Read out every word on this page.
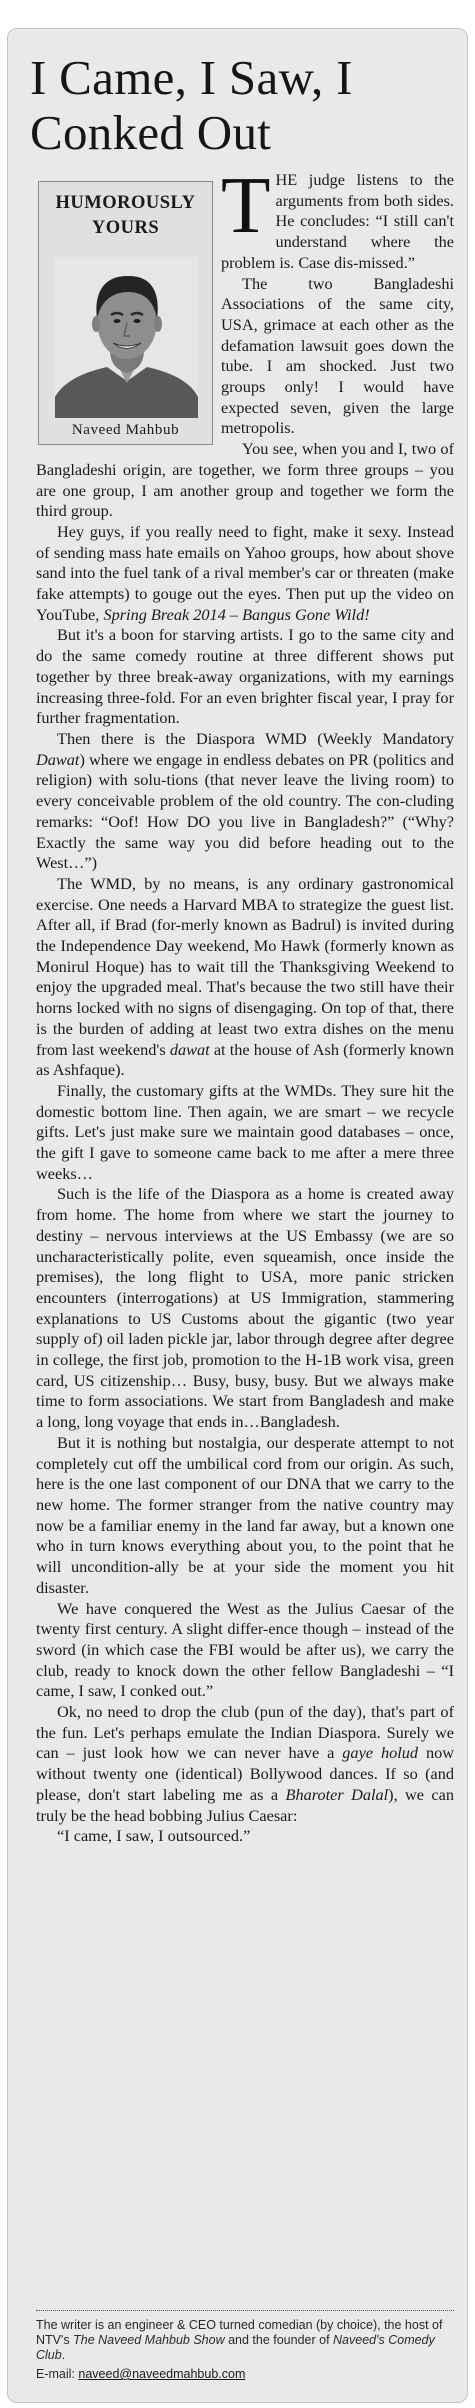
I Came, I Saw, I Conked Out

THE judge listens to the arguments from both sides. He concludes: “I still can't understand where the problem is. Case dis-missed.”

The two Bangladeshi Associations of the same city, USA, grimace at each other as the defamation lawsuit goes down the tube. I am shocked. Just two groups only! I would have expected seven, given the large metropolis.

You see, when you and I, two of Bangladeshi origin, are together, we form three groups – you are one group, I am another group and together we form the third group.

Hey guys, if you really need to fight, make it sexy. Instead of sending mass hate emails on Yahoo groups, how about shove sand into the fuel tank of a rival member's car or threaten (make fake attempts) to gouge out the eyes. Then put up the video on YouTube, Spring Break 2014 – Bangus Gone Wild!

But it's a boon for starving artists. I go to the same city and do the same comedy routine at three different shows put together by three break-away organizations, with my earnings increasing three-fold. For an even brighter fiscal year, I pray for further fragmentation.

Then there is the Diaspora WMD (Weekly Mandatory Dawat) where we engage in endless debates on PR (politics and religion) with solu-tions (that never leave the living room) to every conceivable problem of the old country. The con-cluding remarks: “Oof! How DO you live in Bangladesh?” (“Why? Exactly the same way you did before heading out to the West…”)

The WMD, by no means, is any ordinary gastronomical exercise. One needs a Harvard MBA to strategize the guest list. After all, if Brad (for-merly known as Badrul) is invited during the Independence Day weekend, Mo Hawk (formerly known as Monirul Hoque) has to wait till the Thanksgiving Weekend to enjoy the upgraded meal. That's because the two still have their horns locked with no signs of disengaging. On top of that, there is the burden of adding at least two extra dishes on the menu from last weekend's dawat at the house of Ash (formerly known as Ashfaque).

Finally, the customary gifts at the WMDs. They sure hit the domestic bottom line. Then again, we are smart – we recycle gifts. Let's just make sure we maintain good databases – once, the gift I gave to someone came back to me after a mere three weeks…

Such is the life of the Diaspora as a home is created away from home. The home from where we start the journey to destiny – nervous interviews at the US Embassy (we are so uncharacteristically polite, even squeamish, once inside the premises), the long flight to USA, more panic stricken encounters (interrogations) at US Immigration, stammering explanations to US Customs about the gigantic (two year supply of) oil laden pickle jar, labor through degree after degree in college, the first job, promotion to the H-1B work visa, green card, US citizenship… Busy, busy, busy. But we always make time to form associations. We start from Bangladesh and make a long, long voyage that ends in…Bangladesh.

But it is nothing but nostalgia, our desperate attempt to not completely cut off the umbilical cord from our origin. As such, here is the one last component of our DNA that we carry to the new home. The former stranger from the native country may now be a familiar enemy in the land far away, but a known one who in turn knows everything about you, to the point that he will uncondition-ally be at your side the moment you hit disaster.

We have conquered the West as the Julius Caesar of the twenty first century. A slight differ-ence though – instead of the sword (in which case the FBI would be after us), we carry the club, ready to knock down the other fellow Bangladeshi – “I came, I saw, I conked out.”

Ok, no need to drop the club (pun of the day), that's part of the fun. Let's perhaps emulate the Indian Diaspora. Surely we can – just look how we can never have a gaye holud now without twenty one (identical) Bollywood dances. If so (and please, don't start labeling me as a Bharoter Dalal), we can truly be the head bobbing Julius Caesar:

“I came, I saw, I outsourced.”

HUMOROUSLY YOURS
Naveed Mahbub
The writer is an engineer & CEO turned comedian (by choice), the host of NTV's The Naveed Mahbub Show and the founder of Naveed's Comedy Club.
E-mail: naveed@naveedmahbub.com
